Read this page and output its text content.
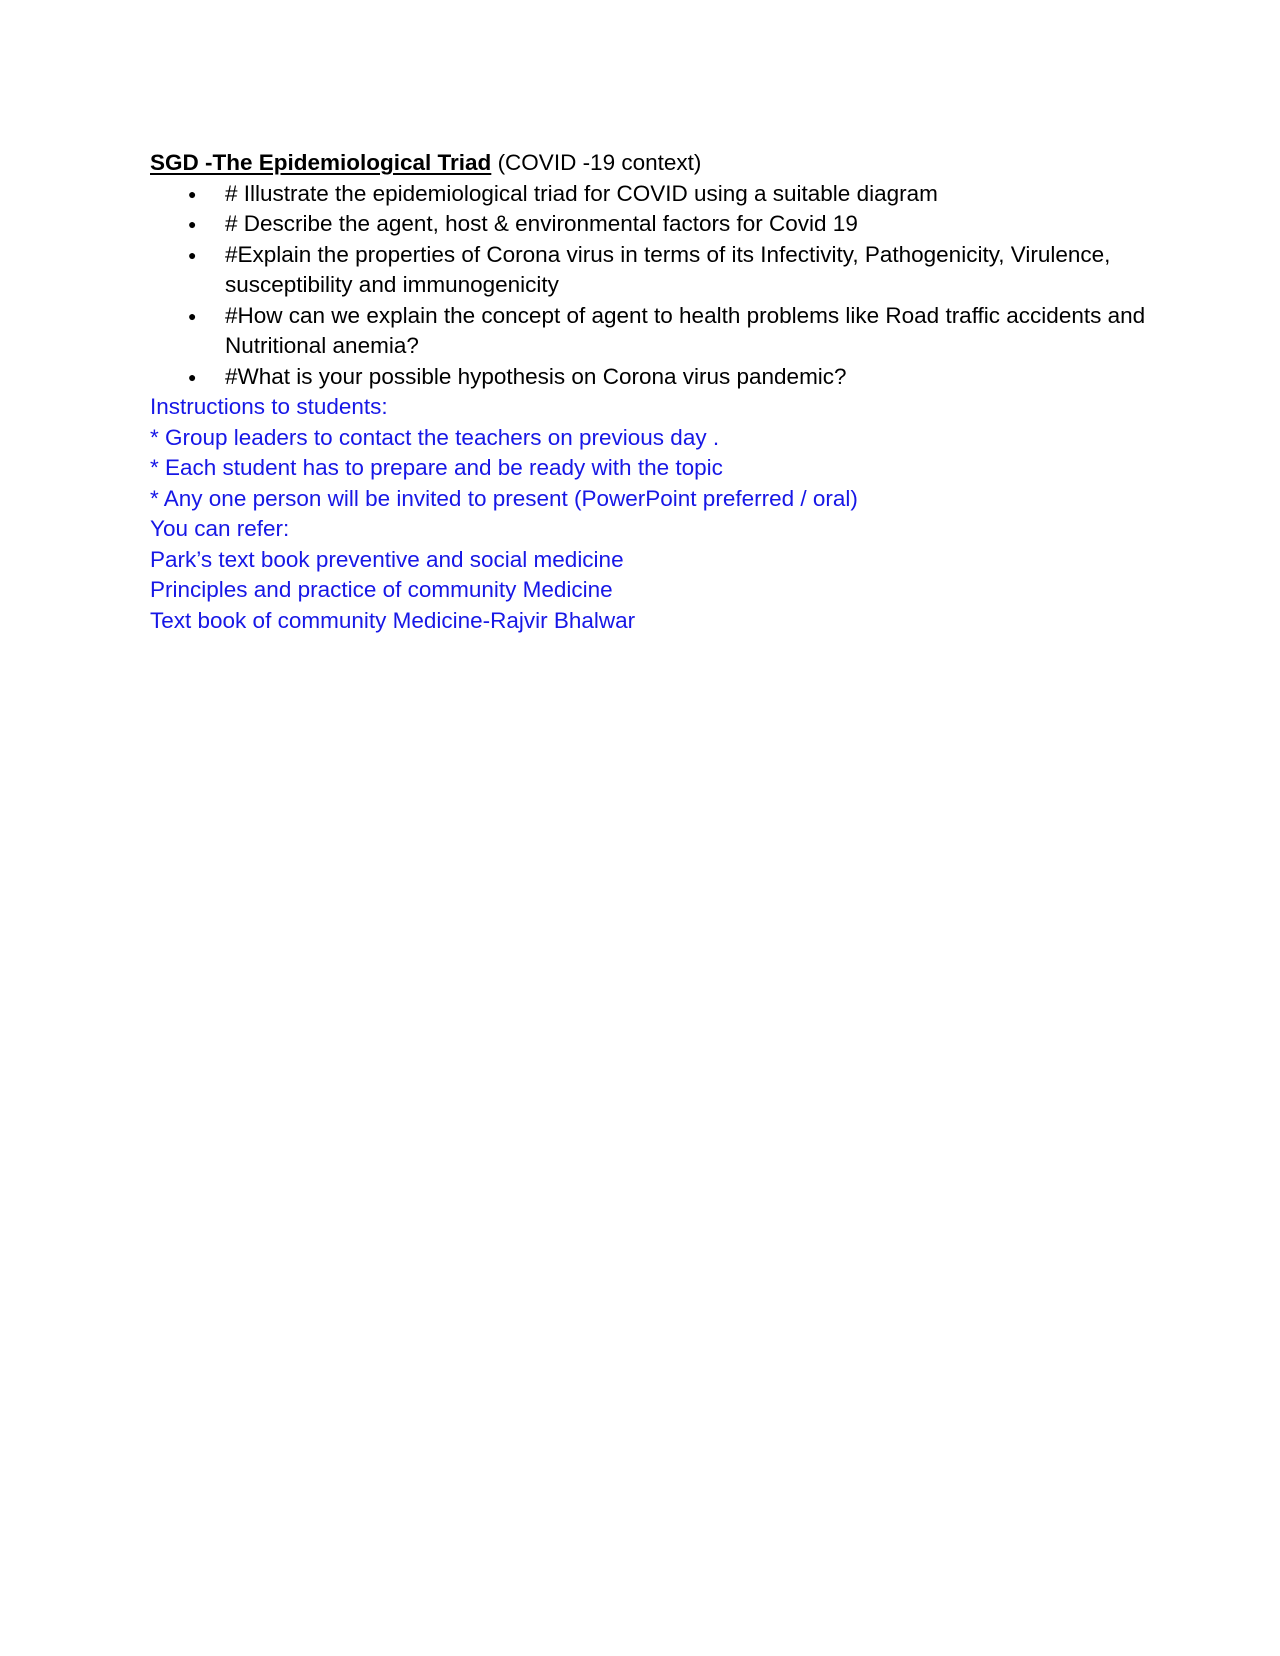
SGD -The Epidemiological Triad (COVID -19 context)

● # Illustrate the epidemiological triad for COVID using a suitable diagram
● # Describe the agent, host & environmental factors for Covid 19
● #Explain the properties of Corona virus in terms of its Infectivity, Pathogenicity, Virulence, susceptibility and immunogenicity
● #How can we explain the concept of agent to health problems like Road traffic accidents and Nutritional anemia?
● #What is your possible hypothesis on Corona virus pandemic?

Instructions to students:

* Group leaders to contact the teachers on previous day .

* Each student has to prepare and be ready with the topic

* Any one person will be invited to present (PowerPoint preferred / oral)

You can refer:

Park’s text book preventive and social medicine

Principles and practice of community Medicine

Text book of community Medicine-Rajvir Bhalwar
